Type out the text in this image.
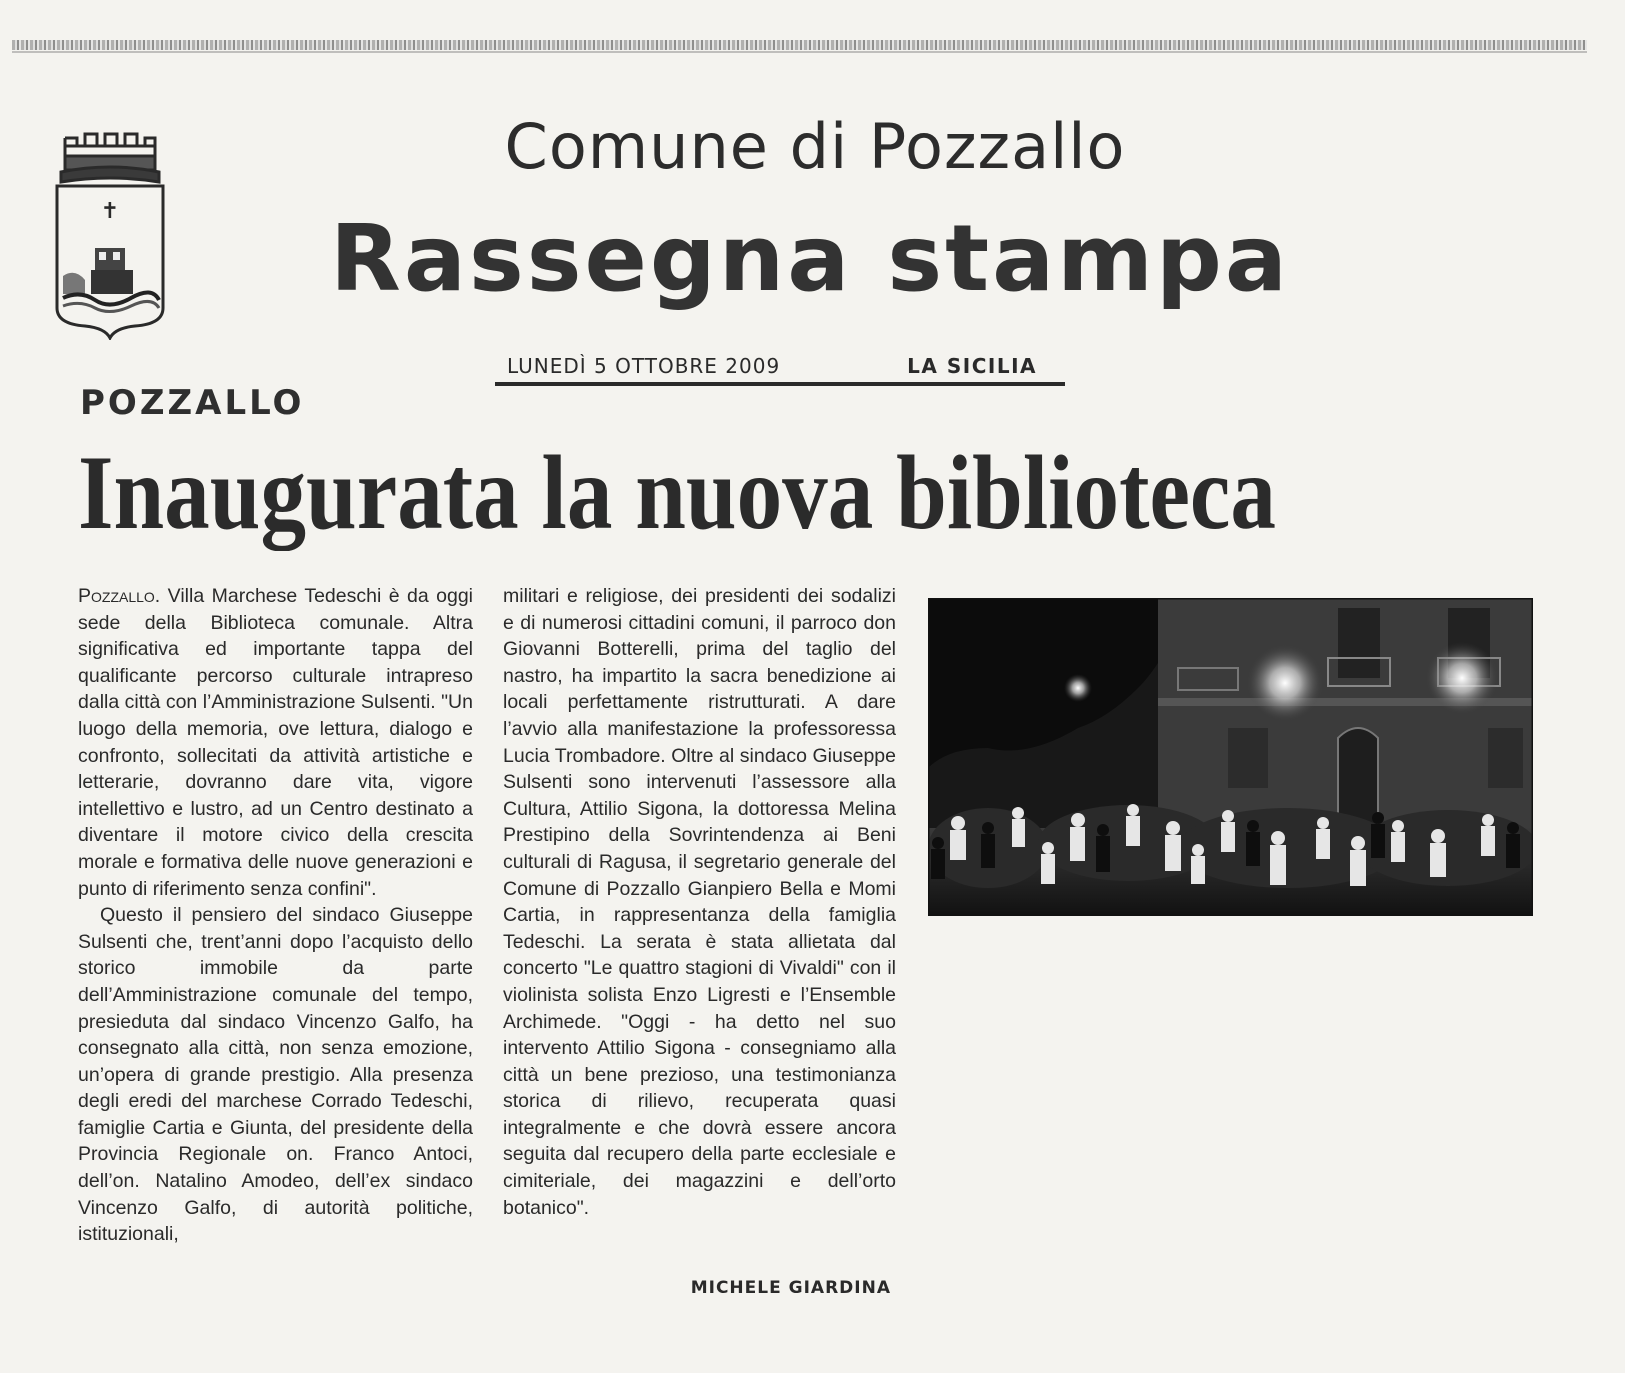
✝
Comune di Pozzallo
Rassegna stampa
LUNEDÌ 5 OTTOBRE 2009	LA SICILIA
POZZALLO
Inaugurata la nuova biblioteca

Pozzallo. Villa Marchese Tedeschi è da oggi sede della Biblioteca comunale. Altra significativa ed importante tappa del qualificante percorso culturale intrapreso dalla città con l’Amministrazione Sulsenti. "Un luogo della memoria, ove lettura, dialogo e confronto, sollecitati da attività artistiche e letterarie, dovranno dare vita, vigore intellettivo e lustro, ad un Centro destinato a diventare il motore civico della crescita morale e formativa delle nuove generazioni e punto di riferimento senza confini".

Questo il pensiero del sindaco Giuseppe Sulsenti che, trent’anni dopo l’acquisto dello storico immobile da parte dell’Amministrazione comunale del tempo, presieduta dal sindaco Vincenzo Galfo, ha consegnato alla città, non senza emozione, un’opera di grande prestigio. Alla presenza degli eredi del marchese Corrado Tedeschi, famiglie Cartia e Giunta, del presidente della Provincia Regionale on. Franco Antoci, dell’on. Natalino Amodeo, dell’ex sindaco Vincenzo Galfo, di autorità politiche, istituzionali,

militari e religiose, dei presidenti dei sodalizi e di numerosi cittadini comuni, il parroco don Giovanni Botterelli, prima del taglio del nastro, ha impartito la sacra benedizione ai locali perfettamente ristrutturati. A dare l’avvio alla manifestazione la professoressa Lucia Trombadore. Oltre al sindaco Giuseppe Sulsenti sono intervenuti l’assessore alla Cultura, Attilio Sigona, la dottoressa Melina Prestipino della Sovrintendenza ai Beni culturali di Ragusa, il segretario generale del Comune di Pozzallo Gianpiero Bella e Momi Cartia, in rappresentanza della famiglia Tedeschi. La serata è stata allietata dal concerto "Le quattro stagioni di Vivaldi" con il violinista solista Enzo Ligresti e l’Ensemble Archimede. "Oggi - ha detto nel suo intervento Attilio Sigona - consegniamo alla città un bene prezioso, una testimonianza storica di rilievo, recuperata quasi integralmente e che dovrà essere ancora seguita dal recupero della parte ecclesiale e cimiteriale, dei magazzini e dell’orto botanico".

MICHELE GIARDINA
